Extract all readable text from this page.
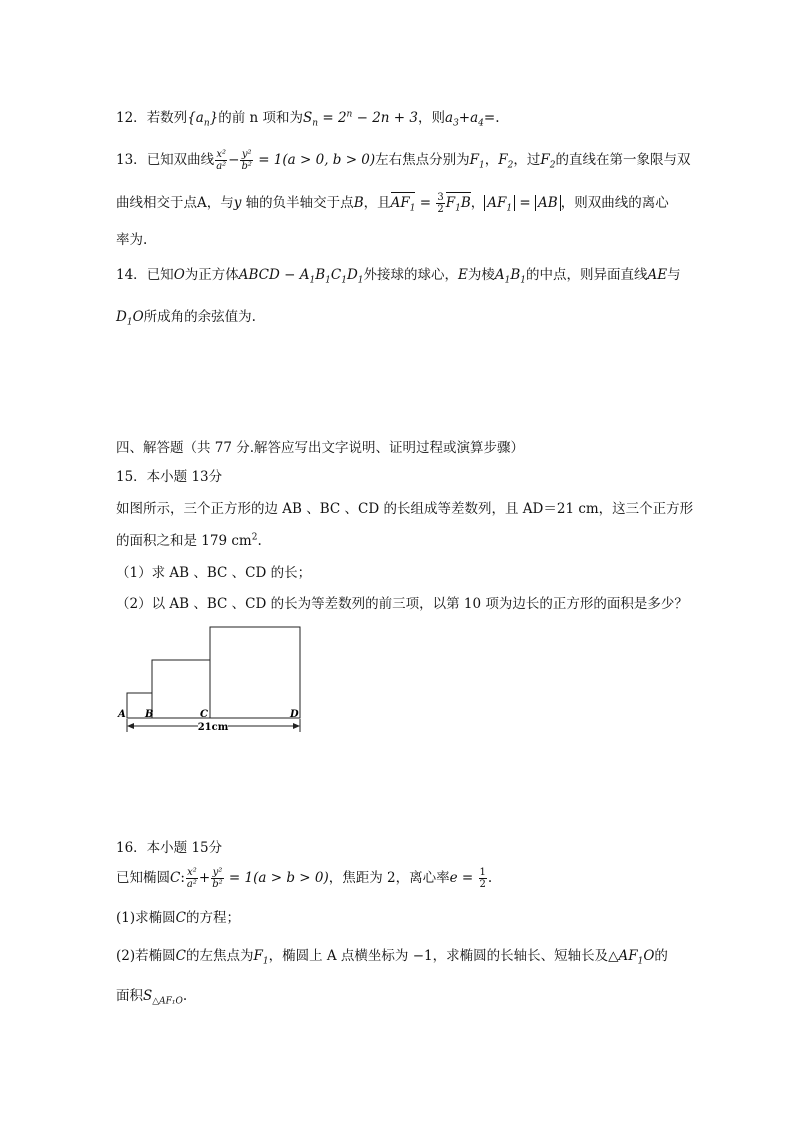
12．若数列$\{a_n\}$的前 n 项和为$S_n = 2^n - 2n + 3$，则$a_3+a_4=$.
13．已知双曲线 $\frac{\text{x²}}{\text{a²}} - \frac{\text{y²}}{\text{b²}} = 1(a > 0$, b > 0)左右焦点分别为$F_1$，$F_2$，过$F_2$的直线在第一象限与双
曲线相交于点A，与y 轴的负半轴交于点B，且$AF_1 = \frac{3}{2} F_1B$， $AF_1$ = AB ，则双曲线的离心
率为.
14．已知O为正方体ABCD − $A_1B_1C_1D_1$外接球的球心，E为棱$A_1B_1$的中点，则异面直线AE与
$D_1O$所成角的余弦值为.
四、解答题（共 77 分.解答应写出文字说明、证明过程或演算步骤）
15．本小题 13分
如图所示，三个正方形的边 AB 、BC 、CD 的长组成等差数列，且 AD＝21 cm，这三个正方形
的面积之和是 179 $cm^2$.
（1）求 AB 、BC 、CD 的长；
（2）以 AB 、BC 、CD 的长为等差数列的前三项，以第 10 项为边长的正方形的面积是多少？
A B	C	D
21cm
16．本小题 15分
已知椭圆C: $\frac{\text{x²}}{\text{a²}} + \frac{\text{y²}}{\text{b²}} = 1(a > b > 0)$，焦距为 2，离心率$e = \frac{1}{2}$ .
(1)求椭圆C的方程；
(2)若椭圆C的左焦点为$F_1$，椭圆上 A 点横坐标为 −1，求椭圆的长轴长、短轴长及$\triangle AF_1O$的
面积$S_{\triangle AF_1O}$.
